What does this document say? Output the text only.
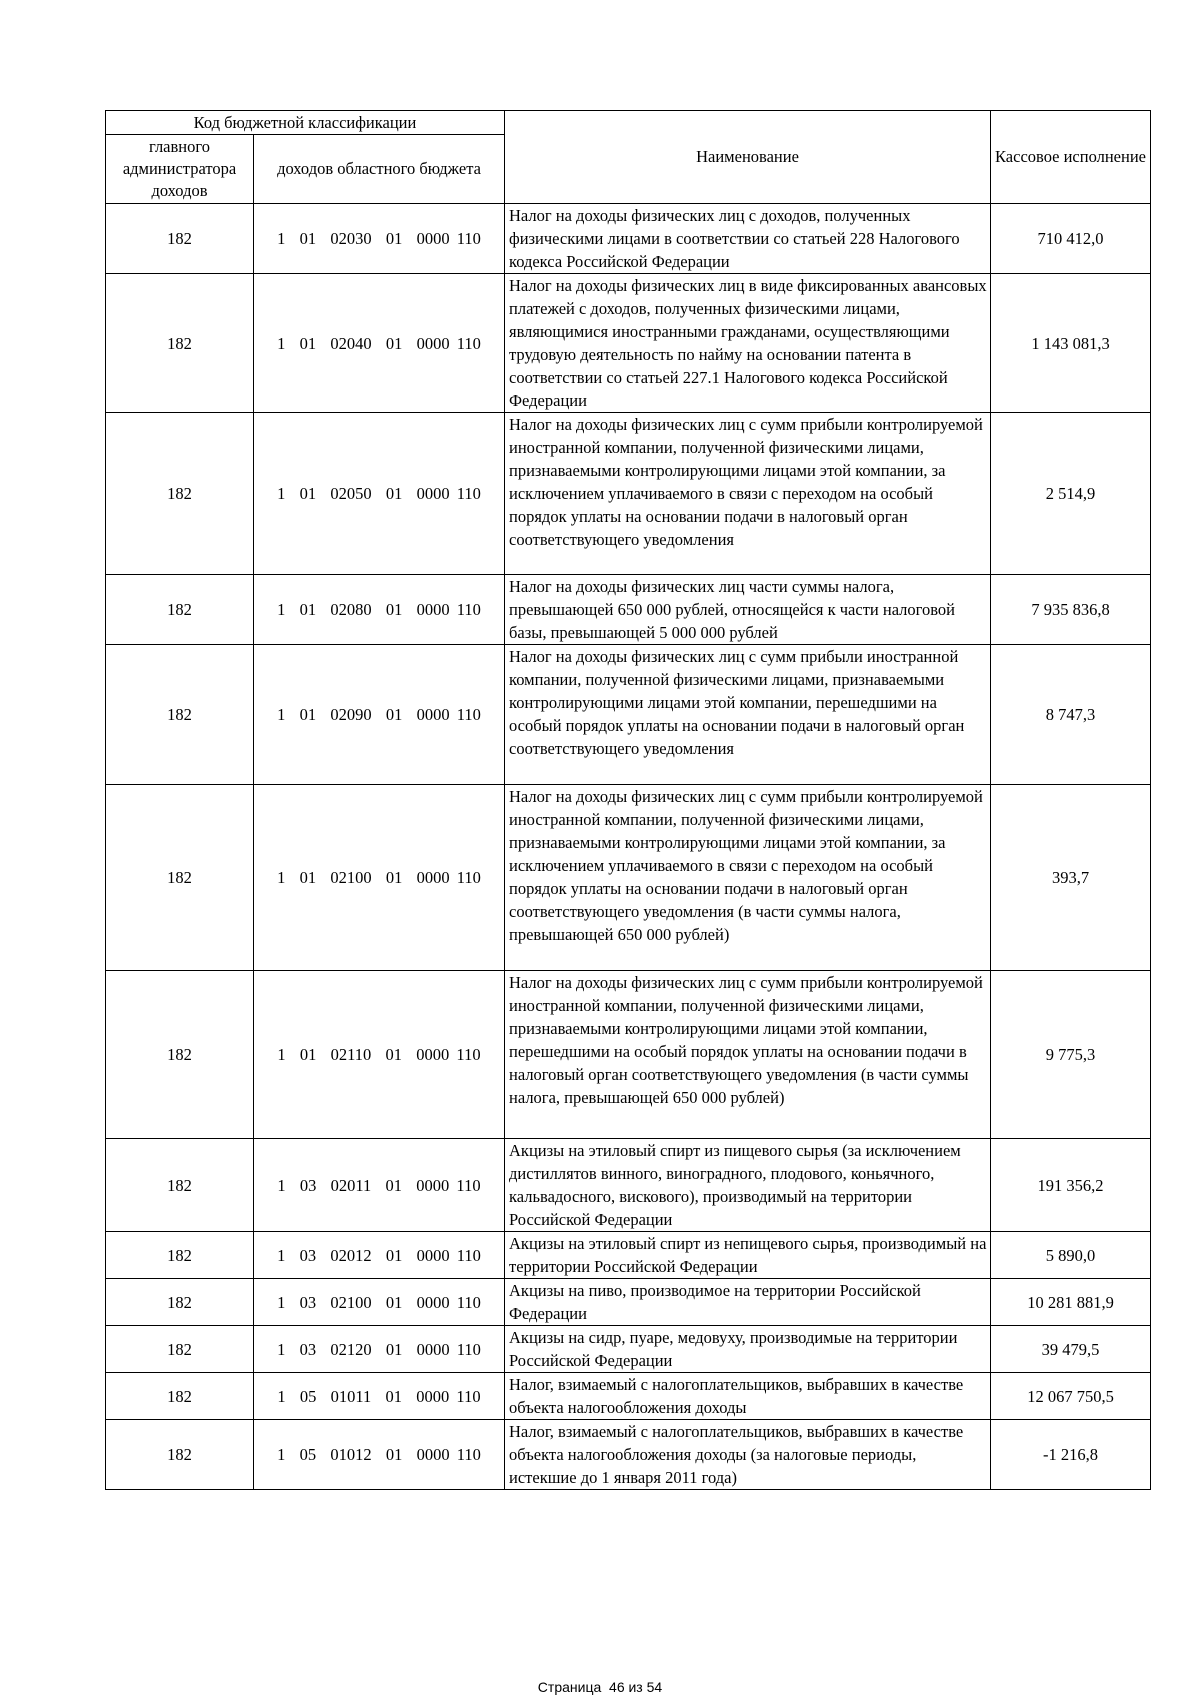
Код бюджетной классификации		Наименование	Кассовое исполнение
главного администратора доходов	доходов областного бюджета		
182	1  01  02030  01  0000 110	Налог на доходы физических лиц с доходов, полученных физическими лицами в соответствии со статьей 228 Налогового кодекса Российской Федерации	710 412,0
182	1  01  02040  01  0000 110	Налог на доходы физических лиц в виде фиксированных авансовых платежей с доходов, полученных физическими лицами, являющимися иностранными гражданами, осуществляющими трудовую деятельность по найму на основании патента в соответствии со статьей 227.1 Налогового кодекса Российской Федерации	1 143 081,3
182	1  01  02050  01  0000 110	Налог на доходы физических лиц с сумм прибыли контролируемой иностранной компании, полученной физическими лицами, признаваемыми контролирующими лицами этой компании, за исключением уплачиваемого в связи с переходом на особый порядок уплаты на основании подачи в налоговый орган соответствующего уведомления	2 514,9
182	1  01  02080  01  0000 110	Налог на доходы физических лиц части суммы налога, превышающей 650 000 рублей, относящейся к части налоговой базы, превышающей 5 000 000 рублей	7 935 836,8
182	1  01  02090  01  0000 110	Налог на доходы физических лиц с сумм прибыли иностранной компании, полученной физическими лицами, признаваемыми контролирующими лицами этой компании, перешедшими на особый порядок уплаты на основании подачи в налоговый орган соответствующего уведомления	8 747,3
182	1  01  02100  01  0000 110	Налог на доходы физических лиц с сумм прибыли контролируемой иностранной компании, полученной физическими лицами, признаваемыми контролирующими лицами этой компании, за исключением уплачиваемого в связи с переходом на особый порядок уплаты на основании подачи в налоговый орган соответствующего уведомления (в части суммы налога, превышающей 650 000 рублей)	393,7
182	1  01  02110  01  0000 110	Налог на доходы физических лиц с сумм прибыли контролируемой иностранной компании, полученной физическими лицами, признаваемыми контролирующими лицами этой компании, перешедшими на особый порядок уплаты на основании подачи в налоговый орган соответствующего уведомления (в части суммы налога, превышающей 650 000 рублей)	9 775,3
182	1  03  02011  01  0000 110	Акцизы на этиловый спирт из пищевого сырья (за исключением дистиллятов винного, виноградного, плодового, коньячного, кальвадосного, вискового), производимый на территории Российской Федерации	191 356,2
182	1  03  02012  01  0000 110	Акцизы на этиловый спирт из непищевого сырья, производимый на территории Российской Федерации	5 890,0
182	1  03  02100  01  0000 110	Акцизы на пиво, производимое на территории Российской Федерации	10 281 881,9
182	1  03  02120  01  0000 110	Акцизы на сидр, пуаре, медовуху, производимые на территории Российской Федерации	39 479,5
182	1  05  01011  01  0000 110	Налог, взимаемый с налогоплательщиков, выбравших в качестве объекта налогообложения доходы	12 067 750,5
182	1  05  01012  01  0000 110	Налог, взимаемый с налогоплательщиков, выбравших в качестве объекта налогообложения доходы (за налоговые периоды, истекшие до 1 января 2011 года)	-1 216,8
Страница  46 из 54
